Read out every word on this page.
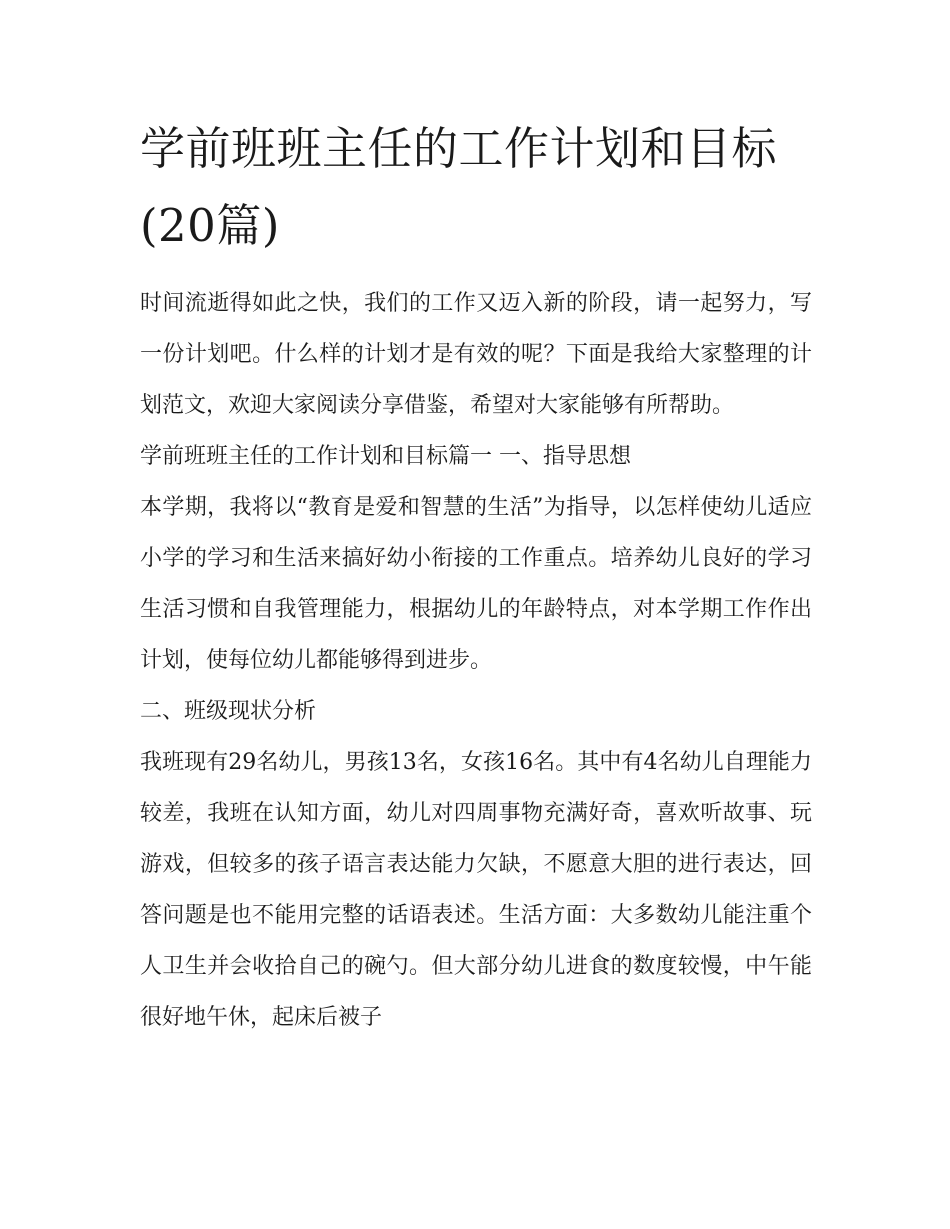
学前班班主任的工作计划和目标(20篇)

时间流逝得如此之快，我们的工作又迈入新的阶段，请一起努力，写一份计划吧。什么样的计划才是有效的呢？下面是我给大家整理的计划范文，欢迎大家阅读分享借鉴，希望对大家能够有所帮助。

学前班班主任的工作计划和目标篇一 一、指导思想

本学期，我将以“教育是爱和智慧的生活”为指导，以怎样使幼儿适应小学的学习和生活来搞好幼小衔接的工作重点。培养幼儿良好的学习生活习惯和自我管理能力，根据幼儿的年龄特点，对本学期工作作出计划，使每位幼儿都能够得到进步。

二、班级现状分析

我班现有29名幼儿，男孩13名，女孩16名。其中有4名幼儿自理能力较差，我班在认知方面，幼儿对四周事物充满好奇，喜欢听故事、玩游戏，但较多的孩子语言表达能力欠缺，不愿意大胆的进行表达，回答问题是也不能用完整的话语表述。生活方面：大多数幼儿能注重个人卫生并会收拾自己的碗勺。但大部分幼儿进食的数度较慢，中午能很好地午休，起床后被子
